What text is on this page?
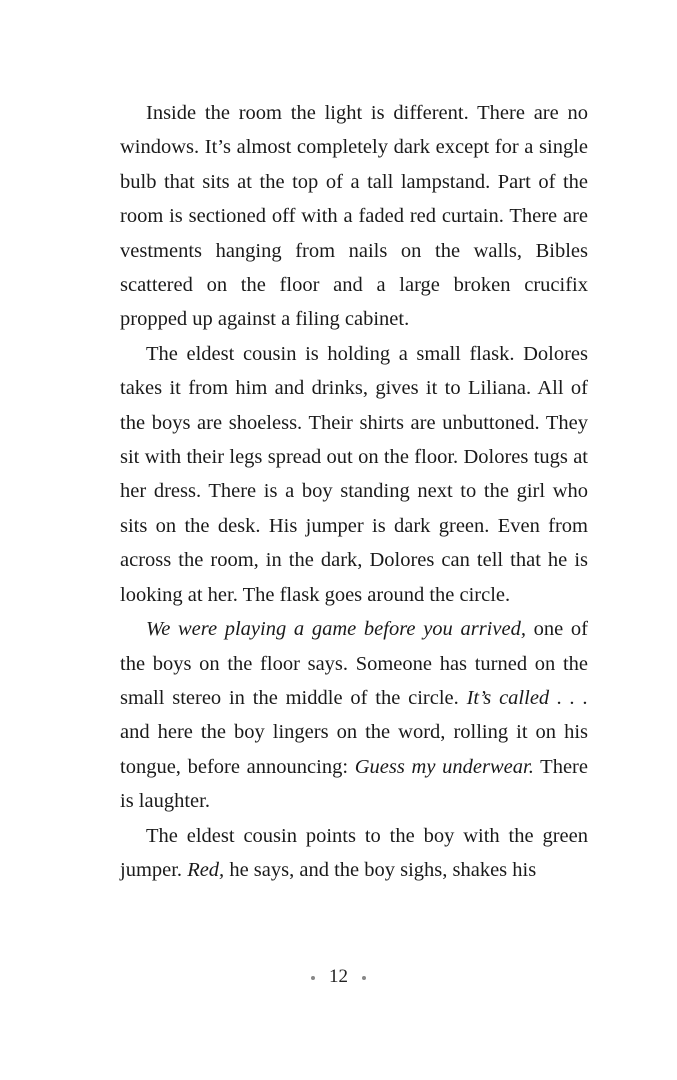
Inside the room the light is different. There are no windows. It’s almost completely dark except for a single bulb that sits at the top of a tall lampstand. Part of the room is sectioned off with a faded red curtain. There are vestments hanging from nails on the walls, Bibles scattered on the floor and a large broken crucifix propped up against a filing cabinet.

The eldest cousin is holding a small flask. Dolores takes it from him and drinks, gives it to Liliana. All of the boys are shoeless. Their shirts are unbuttoned. They sit with their legs spread out on the floor. Dolores tugs at her dress. There is a boy standing next to the girl who sits on the desk. His jumper is dark green. Even from across the room, in the dark, Dolores can tell that he is looking at her. The flask goes around the circle.

We were playing a game before you arrived, one of the boys on the floor says. Someone has turned on the small stereo in the middle of the circle. It’s called . . . and here the boy lingers on the word, rolling it on his tongue, before announcing: Guess my underwear. There is laughter.

The eldest cousin points to the boy with the green jumper. Red, he says, and the boy sighs, shakes his

12
